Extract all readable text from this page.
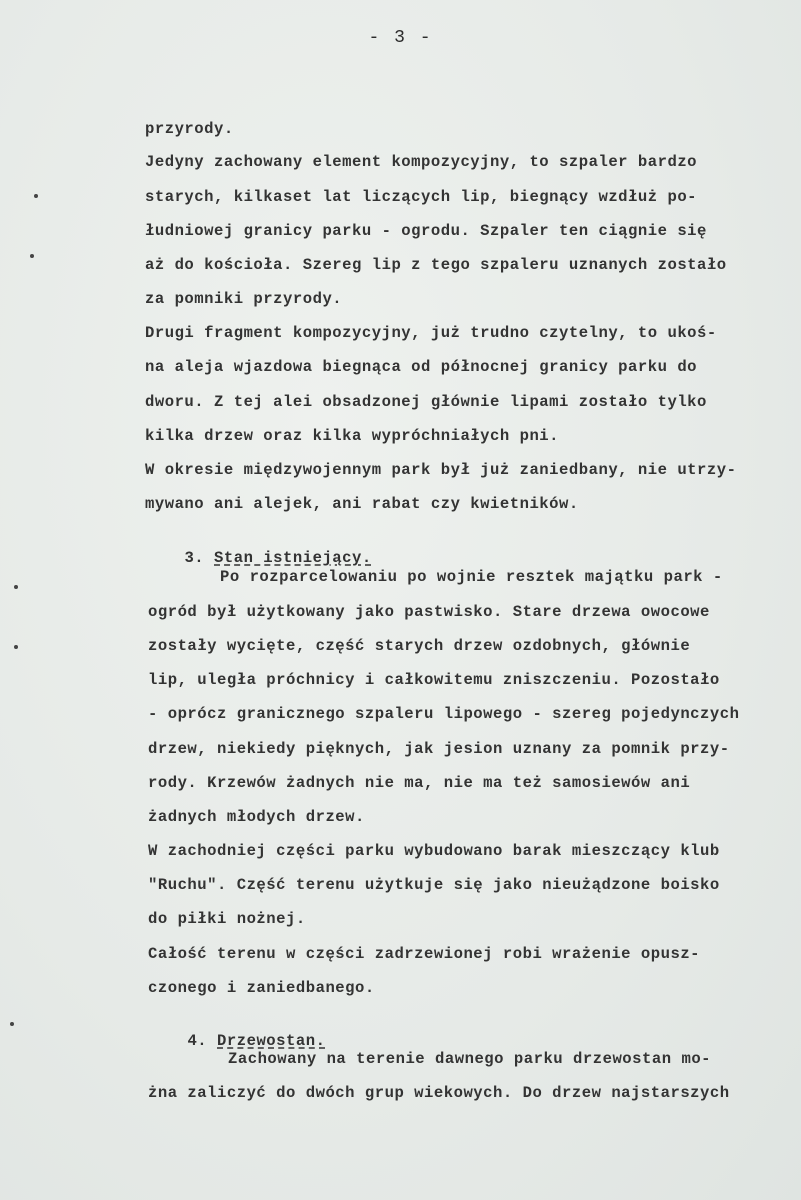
- 3 -
przyrody.
Jedyny zachowany element kompozycyjny, to szpaler bardzo
starych, kilkaset lat liczących lip, biegnący wzdłuż po-
łudniowej granicy parku - ogrodu. Szpaler ten ciągnie się
aż do kościoła. Szereg lip z tego szpaleru uznanych zostało
za pomniki przyrody.
Drugi fragment kompozycyjny, już trudno czytelny, to ukoś-
na aleja wjazdowa biegnąca od północnej granicy parku do
dworu. Z tej alei obsadzonej głównie lipami zostało tylko
kilka drzew oraz kilka wypróchniałych pni.
W okresie międzywojennym park był już zaniedbany, nie utrzy-
mywano ani alejek, ani rabat czy kwietników.

3. Stan istniejący.

Po rozparcelowaniu po wojnie resztek majątku park -
ogród był użytkowany jako pastwisko. Stare drzewa owocowe
zostały wycięte, część starych drzew ozdobnych, głównie
lip, uległa próchnicy i całkowitemu zniszczeniu. Pozostało
- oprócz granicznego szpaleru lipowego - szereg pojedynczych
drzew, niekiedy pięknych, jak jesion uznany za pomnik przy-
rody. Krzewów żadnych nie ma, nie ma też samosiewów ani
żadnych młodych drzew.
W zachodniej części parku wybudowano barak mieszczący klub
"Ruchu". Część terenu użytkuje się jako nieużądzone boisko
do piłki nożnej.
Całość terenu w części zadrzewionej robi wrażenie opusz-
czonego i zaniedbanego.

4. Drzewostan.

Zachowany na terenie dawnego parku drzewostan mo-
żna zaliczyć do dwóch grup wiekowych. Do drzew najstarszych
